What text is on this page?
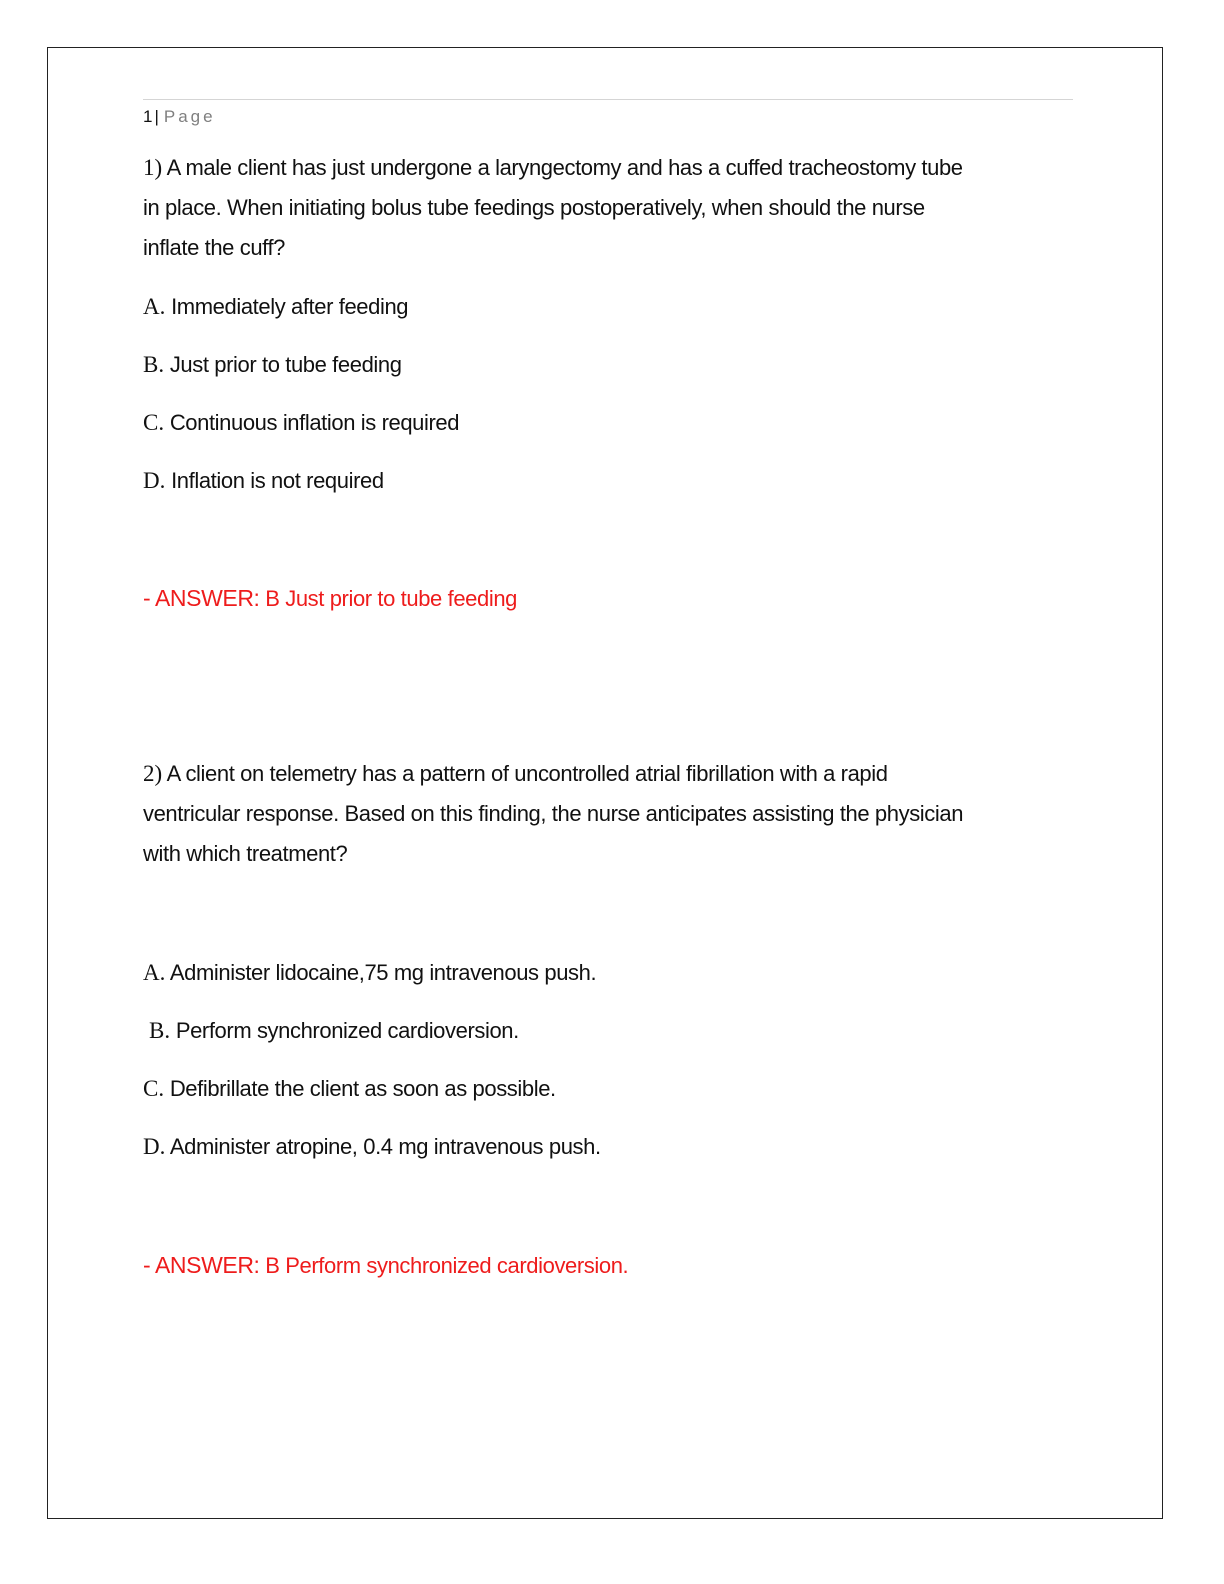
1 | Page
1) A male client has just undergone a laryngectomy and has a cuffed tracheostomy tube
in place. When initiating bolus tube feedings postoperatively, when should the nurse
inflate the cuff?
A. Immediately after feeding
B. Just prior to tube feeding
C. Continuous inflation is required
D. Inflation is not required
- ANSWER: B Just prior to tube feeding
2) A client on telemetry has a pattern of uncontrolled atrial fibrillation with a rapid
ventricular response. Based on this finding, the nurse anticipates assisting the physician
with which treatment?
A. Administer lidocaine,75 mg intravenous push.
B. Perform synchronized cardioversion.
C. Defibrillate the client as soon as possible.
D. Administer atropine, 0.4 mg intravenous push.
- ANSWER: B Perform synchronized cardioversion.
